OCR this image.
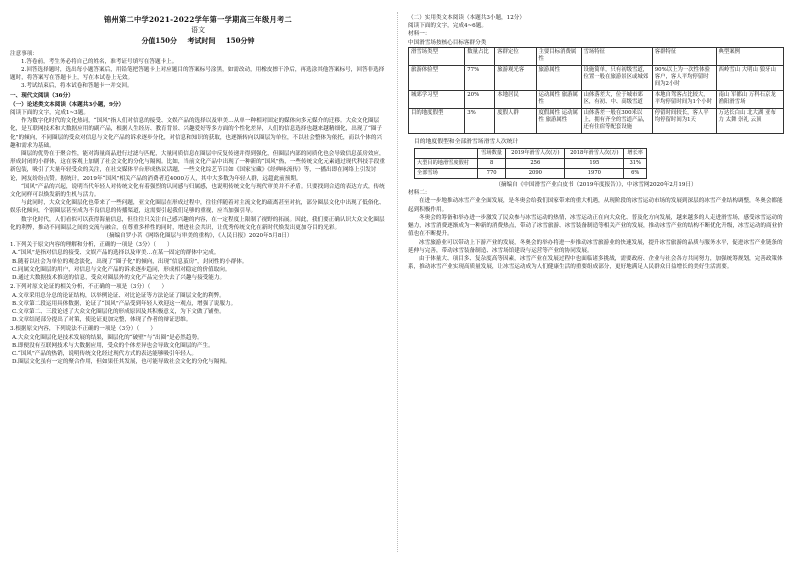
锦州第二中学2021-2022学年第一学期高三年级月考二
语文
分值150分 考试时间 150分钟

注意事项：

1.答卷前，考生务必将自己的姓名，准考证号填写在答题卡上。

2.回答选择题时，选出每小题答案后，用铅笔把答题卡上对应题目的答案标号涂黑，如需改动，用橡皮擦干净后，再选涂其他答案标号，回答非选择题时，将答案写在答题卡上，写在本试卷上无效。

3.考试结束后，将本试卷和答题卡一并交回。

一、现代文阅读（36分）

（一）论述类文本阅读（本题共3小题，9分）

阅读下面的文字，完成1~3题。

作为数字化时代的文化热词，“国风”指人们对信息的接受、文娱产品的选择以及审美…从单一种相对固定的媒体向多元媒介的迁移。大众文化圈层化，是互联网技术和大数据应用的副产品，根据人生经历、教育背景、兴趣爱好等多方面的个性化差异，人们的信息选择也越来越精细化，出现了“圈子化”的倾向，不同圈层的受众对信息与文化产品的诉求逐步分化，对信息和知识的获取，也逐渐转向以圈层为单位，不以社会整体为依托，而以个体的兴趣和需求为基础。

圈层的优势在于聚合性，能对海量商品进行过滤与匹配，大量同质信息在圈层中反复传递并得到强化，但圈层内部的同质化也会导致信息茧房效应，形成封闭的小群体，这在客观上加剧了社会文化的分化与隔阂。比如，当前文化产品中出现了一种新的“国风”热，一些传统文化元素通过现代科技手段重新包装，吸引了大量年轻受众的关注，在社交媒体平台形成热议话题，一些文化综艺节目如《国家宝藏》《经典咏流传》等，一播出即在网络上引发讨论，网友纷纷点赞。据统计，2019年“国风”相关产品的消费者近4000万人，其中大多数为年轻人群，远超此前预期。

“国风”产品的兴起，说明当代年轻人对传统文化有着强烈的认同感与归属感，也说明传统文化与现代审美并不矛盾。只要找到合适的表达方式，传统文化同样可以焕发新的生机与活力。

与此同时，大众文化圈层化也带来了一些问题，亚文化圈层在形成过程中，往往伴随着对主流文化的疏离甚至对抗，部分圈层文化中出现了低俗化、娱乐化倾向，个别圈层甚至成为不良信息的传播渠道，这需要引起我们足够的重视，应当加强引导。

数字化时代，人们看似可以获得海量信息，但往往只关注自己感兴趣的内容，在一定程度上限制了视野的拓展。因此，我们要正确认识大众文化圈层化的利弊，推动不同圈层之间的交流与融合，在尊重多样性的同时，增进社会共识，让优秀传统文化在新时代焕发出更加夺目的光彩。

（摘编自罗小茗《网络化圈层与审美的重构》，《人民日报》2020年5月8日）

1.下列关于原文内容的理解和分析，正确的一项是（3分）（　　）

A.“国风”是指对信息的接受、文娱产品的选择以及审美…在某一固定的群体中完成。

B.随着以社会为单位的观念淡化，出现了“圈子化”的倾向，出现“信息茧房”，封闭性的小群体。

C.同属文化圈层的用户，对信息与文化产品的诉求逐步趋同，形成相对稳定的价值取向。

D.通过大数据技术推送的信息，受众对圈层外的文化产品完全失去了兴趣与接受能力。

2.下列对原文论证的相关分析，不正确的一项是（3分）（　　）

A.文章采用总分总的论证结构，以举例论证、对比论证等方法论证了圈层文化的利弊。

B.文章第二段运用具体数据，论证了“国风”产品受到年轻人欢迎这一观点，增强了说服力。

C.文章第二、三段论述了大众文化圈层化的形成原因及其积极意义，为下文做了铺垫。

D.文章结尾部分提出了对策，使论证更加完整，体现了作者的辩证思维。

3.根据原文内容，下列说法不正确的一项是（3分）（　　）

A.大众文化圈层化是技术发展的结果，圈层化的“破壁”与“出圈”是必然趋势。

B.即便没有互联网技术与大数据应用，受众的个体差异也会导致文化圈层的产生。

C.“国风”产品的热销，说明传统文化经过现代方式的表达能够吸引年轻人。

D.圈层文化虽有一定的聚合作用，但如果任其发展，也可能导致社会文化的分化与隔阂。

（二）实用类文本阅读（本题共3小题，12分）

阅读下面的文字，完成4~6题。

材料一：

中国滑雪场按核心目标客群分类

滑雪场类型	数量占比	客群定位	主要目标消费属性	雪场特征	客群特征	典型案例
旅游体验型	77%	旅游观光客	旅游属性	设施简单，只有初级雪道，位置一般在旅游景区或城郊	90%以上为一次性体验客户，客人平均停留时间为2小时	西岭雪山 大明山 狼牙山
城郊学习型	20%	本地居民	运动属性 旅游属性	山体落差大，位于城市郊区，有初、中、高级雪道	本地自驾客占比较大，平均停留时间为1个小时	南山 军都山 万科石京龙 渔阳滑雪场
目的地度假型	3%	度假人群	度假属性 运动属性 旅游属性	山体落差一般在300米以上，拥有齐全的雪道产品，还有住宿等配套设施	停留时间较长，客人平均停留时间为1天	万达长白山 北大湖 亚布力 太舞 崇礼 云顶

目的地度假型和全部滑雪场滑雪人次统计

	雪场数量	2019年滑雪人次(万)	2018年滑雪人次(万)	增长率
大型目的地滑雪度假村	8	256	195	31%
全部雪场	770	2090	1970	6%

（摘编自《中国滑雪产业白皮书（2019年度报告）》，中冰雪网2020年2月19日）

材料二：

在进一步地推动冰雪产业全面发展，是冬奥会给我们国家带来的重大机遇，从现阶段的冰雪运动市场的发展到深层的冰雪产业结构调整，冬奥会都能起到积极作用。

冬奥会的筹备和举办进一步激发了民众参与冰雪运动的热情，冰雪运动正在向大众化、普及化方向发展，越来越多的人走进滑雪场，感受冰雪运动的魅力，冰雪消费逐渐成为一种新的消费热点，带动了冰雪旅游、冰雪装备制造等相关产业的发展，推动冰雪产业的结构不断优化升级，冰雪运动的商业价值也在不断提升。

冰雪旅游业可以带动上下游产业的发展，冬奥会的举办将进一步推动冰雪旅游业的快速发展，提升冰雪旅游的品质与服务水平，促进冰雪产业链条的延伸与完善，带动冰雪装备制造、冰雪场馆建设与运营等产业的协同发展。

由于体量大、项目多、复杂度高等因素，冰雪产业在发展过程中也面临诸多挑战，需要政府、企业与社会各方共同努力，加强统筹规划，完善政策体系，推动冰雪产业实现高质量发展，让冰雪运动成为人们健康生活的重要组成部分，更好地满足人民群众日益增长的美好生活需要。
